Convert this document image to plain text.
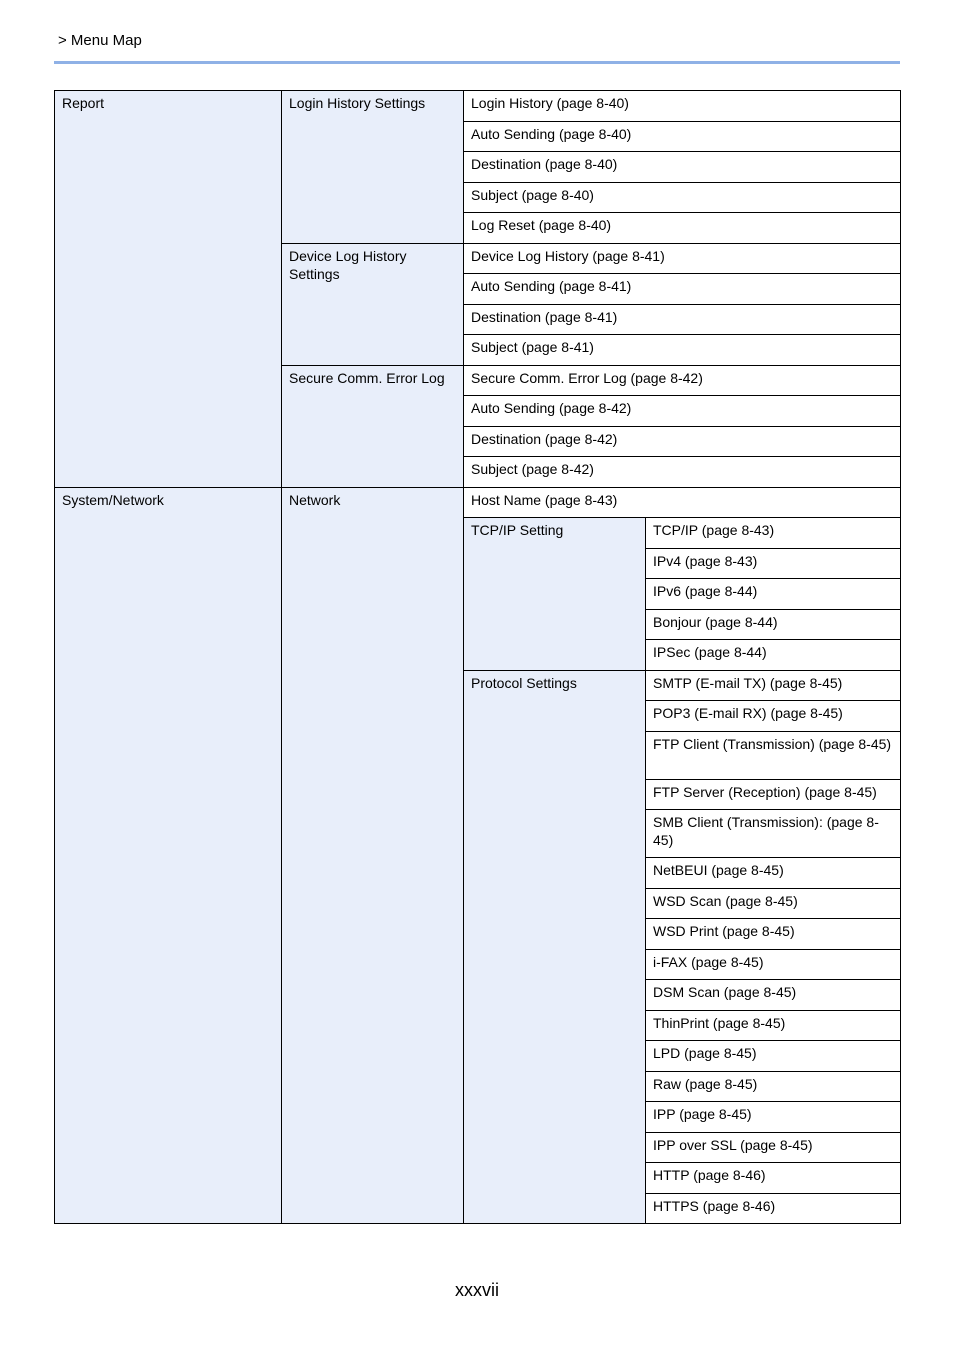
> Menu Map
Report	Login History Settings	Login History (page 8-40)	
		Auto Sending (page 8-40)	
		Destination (page 8-40)	
		Subject (page 8-40)	
		Log Reset (page 8-40)	
	Device Log History Settings	Device Log History (page 8-41)	
		Auto Sending (page 8-41)	
		Destination (page 8-41)	
		Subject (page 8-41)	
	Secure Comm. Error Log	Secure Comm. Error Log (page 8-42)	
		Auto Sending (page 8-42)	
		Destination (page 8-42)	
		Subject (page 8-42)	
System/Network	Network	Host Name (page 8-43)	
		TCP/IP Setting	TCP/IP (page 8-43)
			IPv4 (page 8-43)
			IPv6 (page 8-44)
			Bonjour (page 8-44)
			IPSec (page 8-44)
		Protocol Settings	SMTP (E-mail TX) (page 8-45)
			POP3 (E-mail RX) (page 8-45)
			FTP Client (Transmission) (page 8-45)
			FTP Server (Reception) (page 8-45)
			SMB Client (Transmission): (page 8-45)
			NetBEUI (page 8-45)
			WSD Scan (page 8-45)
			WSD Print (page 8-45)
			i-FAX (page 8-45)
			DSM Scan (page 8-45)
			ThinPrint (page 8-45)
			LPD (page 8-45)
			Raw (page 8-45)
			IPP (page 8-45)
			IPP over SSL (page 8-45)
			HTTP (page 8-46)
			HTTPS (page 8-46)
xxxvii
